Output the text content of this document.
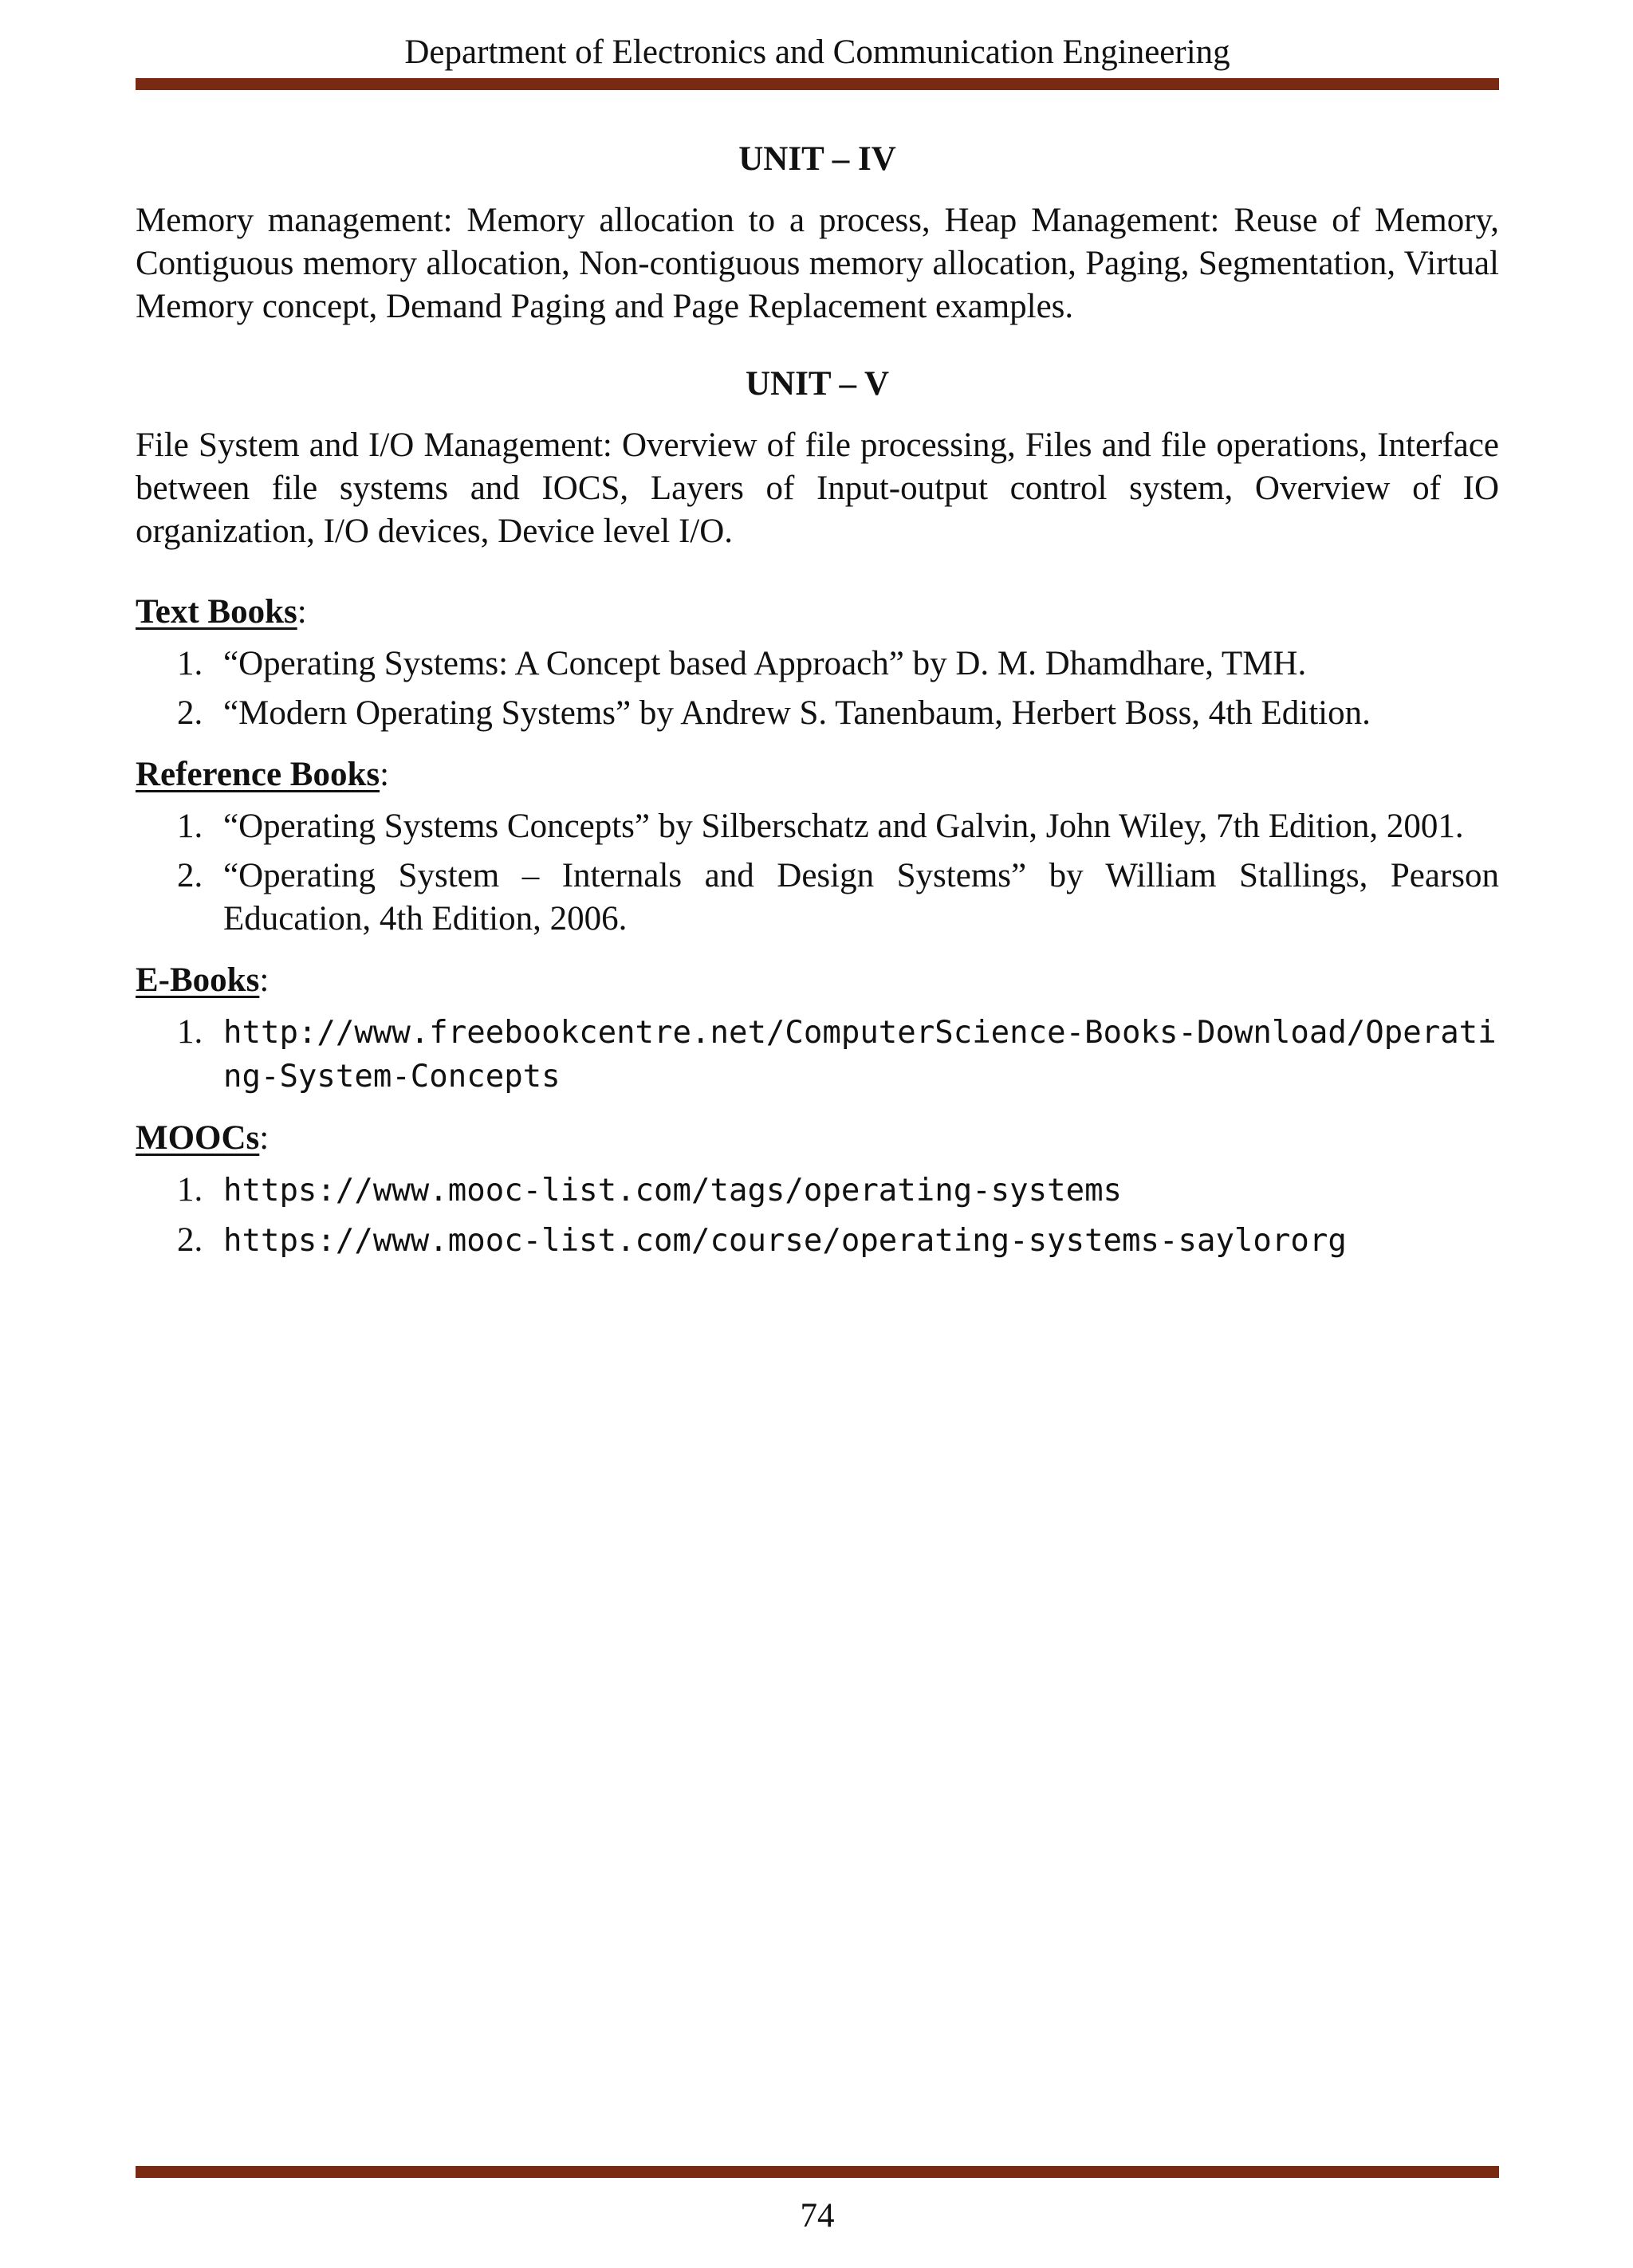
Department of Electronics and Communication Engineering
UNIT – IV

Memory management: Memory allocation to a process, Heap Management: Reuse of Memory, Contiguous memory allocation, Non-contiguous memory allocation, Paging, Segmentation, Virtual Memory concept, Demand Paging and Page Replacement examples.

UNIT – V

File System and I/O Management: Overview of file processing, Files and file operations, Interface between file systems and IOCS, Layers of Input-output control system, Overview of IO organization, I/O devices, Device level I/O.

Text Books:
1. “Operating Systems: A Concept based Approach” by D. M. Dhamdhare, TMH.
2. “Modern Operating Systems” by Andrew S. Tanenbaum, Herbert Boss, 4th Edition.
Reference Books:
1. “Operating Systems Concepts” by Silberschatz and Galvin, John Wiley, 7th Edition, 2001.
2. “Operating System – Internals and Design Systems” by William Stallings, Pearson Education, 4th Edition, 2006.
E-Books:
1. http://www.freebookcentre.net/ComputerScience-Books-Download/Operating-System-Concepts
MOOCs:
1. https://www.mooc-list.com/tags/operating-systems
2. https://www.mooc-list.com/course/operating-systems-saylororg
74
